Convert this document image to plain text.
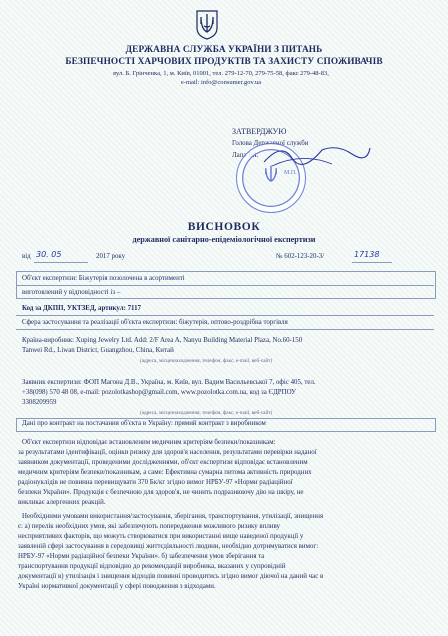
ДЕРЖАВНА СЛУЖБА УКРАЇНИ З ПИТАНЬ
БЕЗПЕЧНОСТІ ХАРЧОВИХ ПРОДУКТІВ ТА ЗАХИСТУ СПОЖИВАЧІВ
вул. Б. Грінченка, 1, м. Київ, 01001, тел. 279-12-70, 279-75-58, факс 279-48-83,
e-mail: info@consumer.gov.ua
ЗАТВЕРДЖУЮ
Голова Державної служби
Лапа В.І.
М.П.
ВИСНОВОК
державної санітарно-епідеміологічної експертизи
від 30. 05	2017 року	№ 602-123-20-3/	17138
Об'єкт експертизи: Біжутерія позолочена в асортименті
виготовлений у відповідності із –
Код за ДКПП, УКТЗЕД, артикул: 7117
Сфера застосування та реалізації об'єкта експертизи: біжутерія, оптово-роздрібна торгівля
Країна-виробник: Xuping Jewelry Ltd. Add: 2/F Area A, Nanyu Building Material Plaza, No.60-150
Tanwei Rd., Liwan District, Guangzhou, China, Китай
(адреса, місцезнаходження, телефон, факс, e-mail, веб-сайт)
Заявник експертизи: ФОП Магона Д.В., Україна, м. Київ, вул. Вадим Васильевської 7, офіс 405, тел.
+38(098) 570 48 08, e-mail: pozolotkashop@gmail.com, www.pozolotka.com.ua, код за ЄДРПОУ
3308209959
(адреса, місцезнаходження, телефон, факс, e-mail, веб-сайт)
Дані про контракт на постачання об'єкта в Україну: прямий контракт з виробником
Об'єкт експертизи відповідає встановленим медичним критеріям безпеки/показникам:
за результатами ідентифікації, оцінки ризику для здоров'я населення, результатами перевірки наданої
заявником документації, проведеними дослідженнями, об'єкт експертизи відповідає встановленим
медичним критеріям безпеки/показникам, а саме: Ефективна сумарна питома активність природних
радіонуклідів не повинна перевищувати 370 Бк/кг згідно вимог НРБУ-97 «Норми радіаційної
безпеки України». Продукція є безпечною для здоров'я, не чинить подразнюючу дію на шкіру, не
викликає алергенних реакцій.
Необхідними умовами використання/застосування, зберігання, транспортування, утилізації, знищення
є: а) перелік необхідних умов, які забезпечують попередження можливого ризику впливу
несприятливих факторів, що можуть створюватися при використанні вище наведеної продукції у
заявленій сфері застосування в середовищі життєдіяльності людини, необхідно дотримуватися вимог:
НРБУ-97 «Норми радіаційної безпеки України». б) забезпечення умов зберігання та
транспортування продукції відповідно до рекомендацій виробника, вказаних у супровідній
документації в) утилізація і знищення відходів повинні проводитись згідно вимог діючої на даний час в
Україні нормативної документації у сфері поводження з відходами.
